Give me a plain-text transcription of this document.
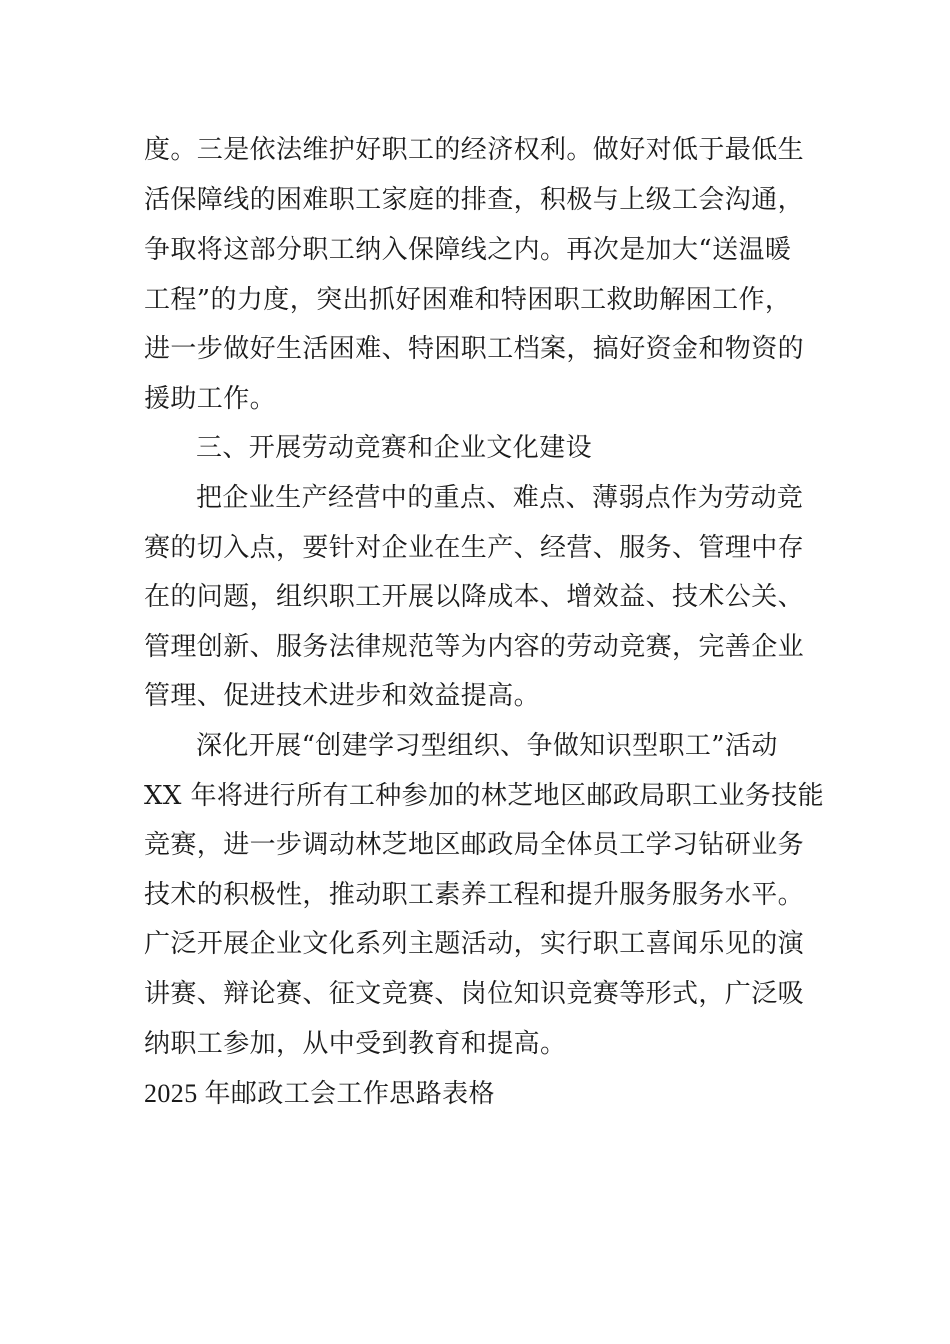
度。三是依法维护好职工的经济权利。做好对低于最低生
活保障线的困难职工家庭的排查，积极与上级工会沟通，
争取将这部分职工纳入保障线之内。再次是加大“送温暖
工程”的力度，突出抓好困难和特困职工救助解困工作，
进一步做好生活困难、特困职工档案，搞好资金和物资的
援助工作。
三、开展劳动竞赛和企业文化建设
把企业生产经营中的重点、难点、薄弱点作为劳动竞
赛的切入点，要针对企业在生产、经营、服务、管理中存
在的问题，组织职工开展以降成本、增效益、技术公关、
管理创新、服务法律规范等为内容的劳动竞赛，完善企业
管理、促进技术进步和效益提高。
深化开展“创建学习型组织、争做知识型职工”活动
XX 年将进行所有工种参加的林芝地区邮政局职工业务技能
竞赛，进一步调动林芝地区邮政局全体员工学习钻研业务
技术的积极性，推动职工素养工程和提升服务服务水平。
广泛开展企业文化系列主题活动，实行职工喜闻乐见的演
讲赛、辩论赛、征文竞赛、岗位知识竞赛等形式，广泛吸
纳职工参加，从中受到教育和提高。
2025 年邮政工会工作思路表格
